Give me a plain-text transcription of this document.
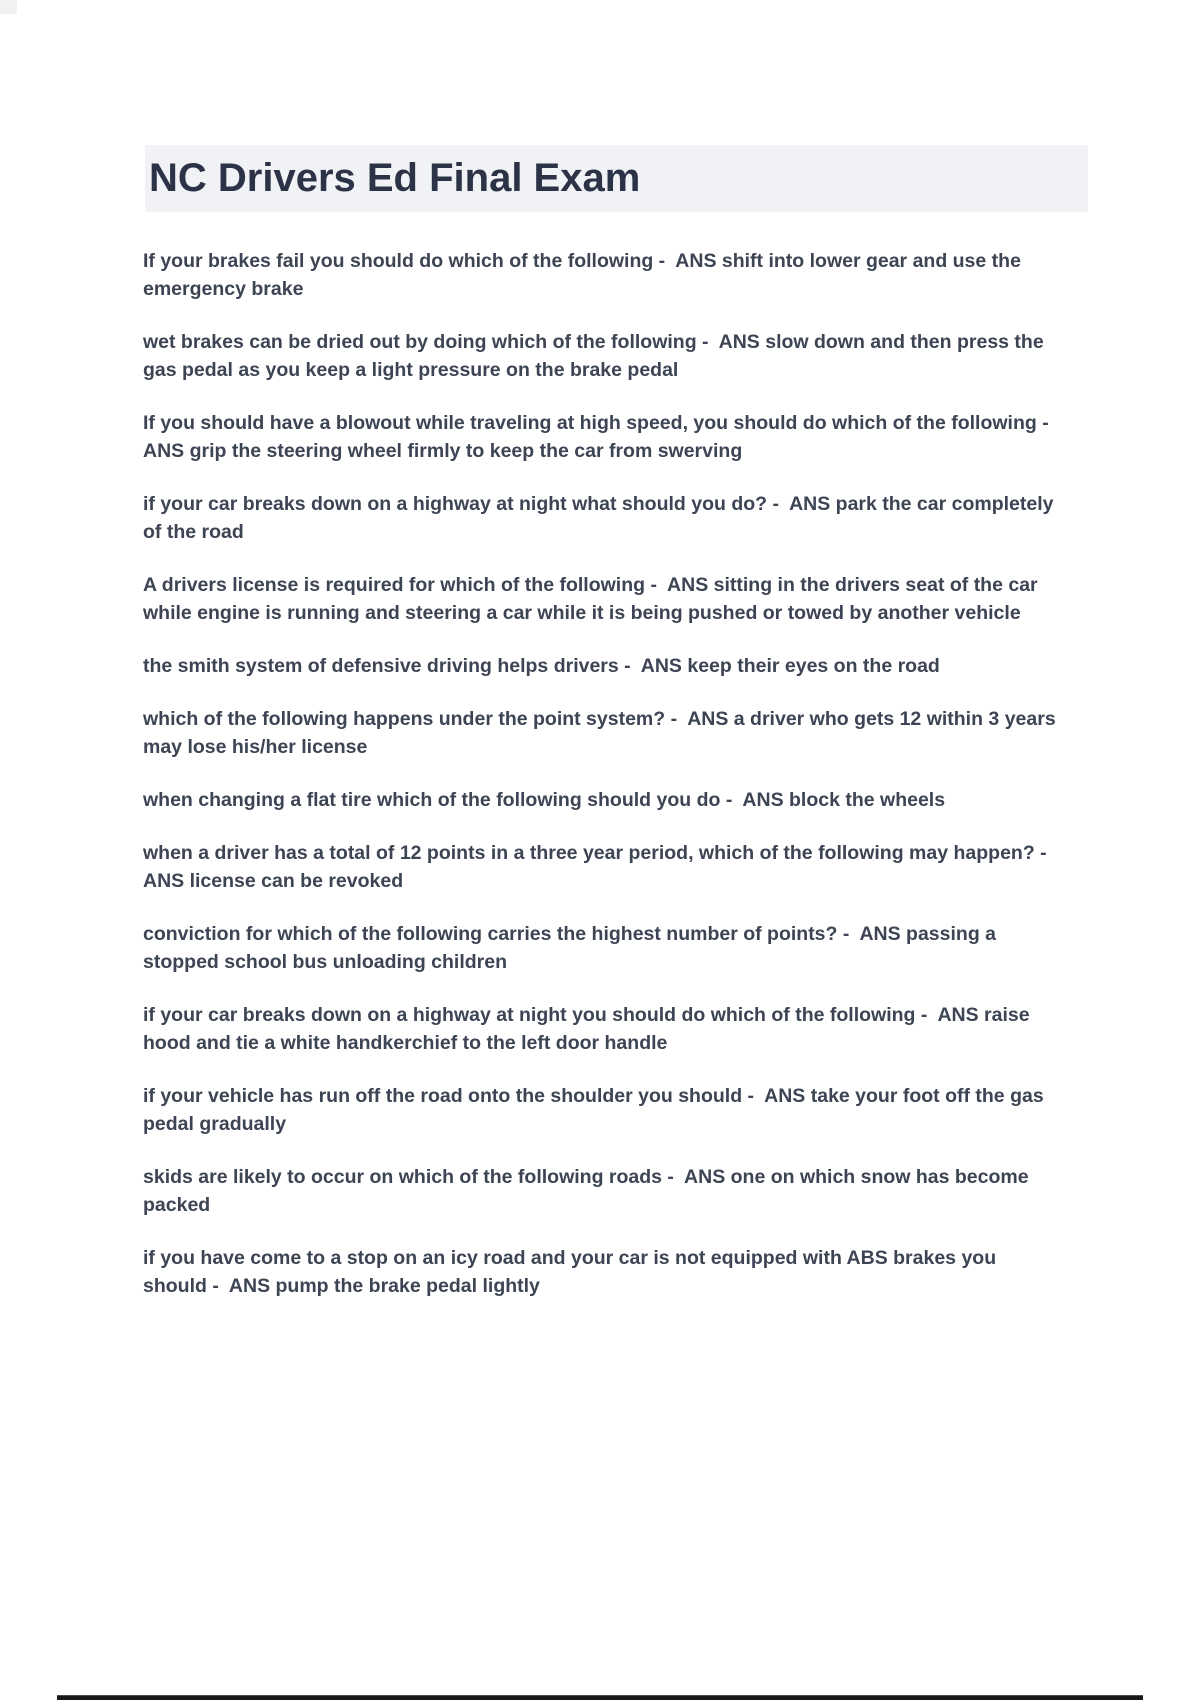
NC Drivers Ed Final Exam

If your brakes fail you should do which of the following -  ANS shift into lower gear and use the emergency brake

wet brakes can be dried out by doing which of the following -  ANS slow down and then press the gas pedal as you keep a light pressure on the brake pedal

If you should have a blowout while traveling at high speed, you should do which of the following -  ANS grip the steering wheel firmly to keep the car from swerving

if your car breaks down on a highway at night what should you do? -  ANS park the car completely of the road

A drivers license is required for which of the following -  ANS sitting in the drivers seat of the car while engine is running and steering a car while it is being pushed or towed by another vehicle

the smith system of defensive driving helps drivers -  ANS keep their eyes on the road

which of the following happens under the point system? -  ANS a driver who gets 12 within 3 years may lose his/her license

when changing a flat tire which of the following should you do -  ANS block the wheels

when a driver has a total of 12 points in a three year period, which of the following may happen? -  ANS license can be revoked

conviction for which of the following carries the highest number of points? -  ANS passing a stopped school bus unloading children

if your car breaks down on a highway at night you should do which of the following -  ANS raise hood and tie a white handkerchief to the left door handle

if your vehicle has run off the road onto the shoulder you should -  ANS take your foot off the gas pedal gradually

skids are likely to occur on which of the following roads -  ANS one on which snow has become packed

if you have come to a stop on an icy road and your car is not equipped with ABS brakes you should -  ANS pump the brake pedal lightly
